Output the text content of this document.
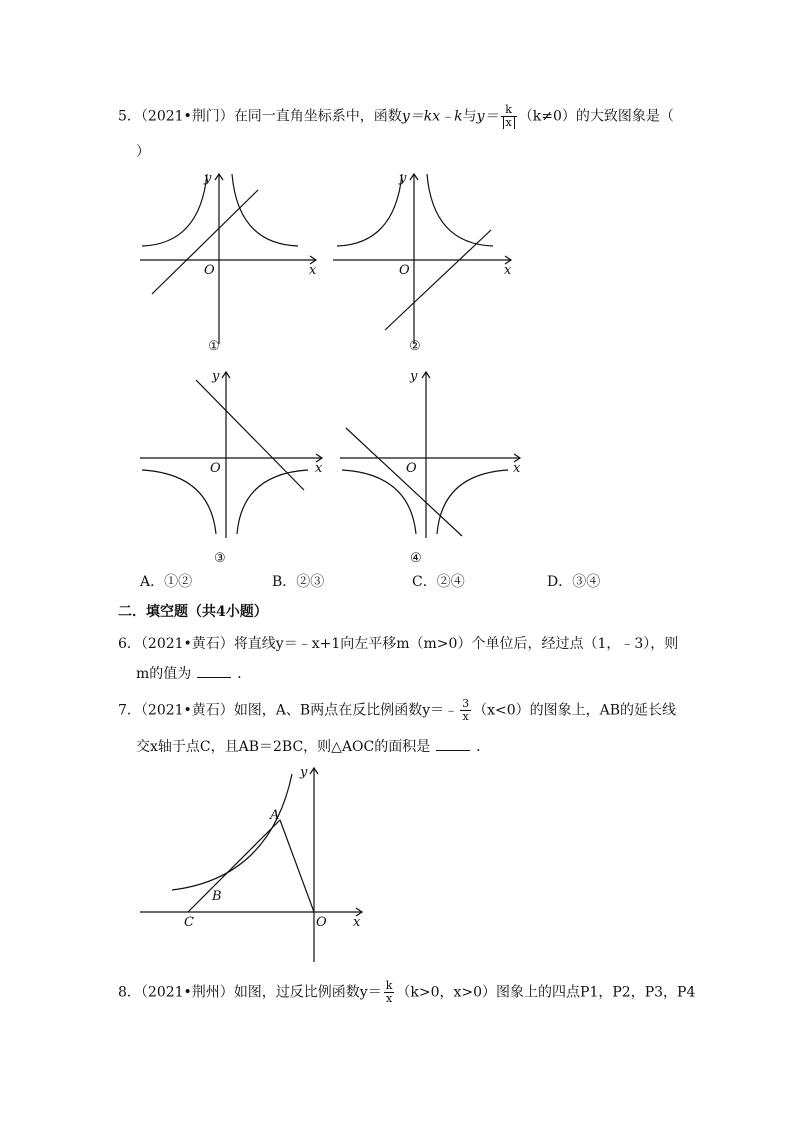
5．（2021•荆门）在同一直角坐标系中，函数y＝kx﹣k与$y= \frac{k}{x} (k\ne 0)$的大致图象是（
）
x
y
O
①
x
y
O
②
x
y
O
③
x
y
O
④
A．①②	B．②③	C．②④	D．③④
二．填空题（共4小题）
6．（2021•黄石）将直线y＝﹣x+1向左平移m（m>0）个单位后，经过点（1，﹣3），则
m的值为	．
7．（2021•黄石）如图，A、B两点在反比例函数y＝﹣ $\frac{3}{x} (x<0)$的图象上，AB的延长线
交x轴于点C，且AB＝2BC，则△AOC的面积是	．
A
B
C	O x
y
8．（2021•荆州）如图，过反比例函数$y= \frac{k}{x} (k>0$，x>0）图象上的四点P1，P2，P3，P4
